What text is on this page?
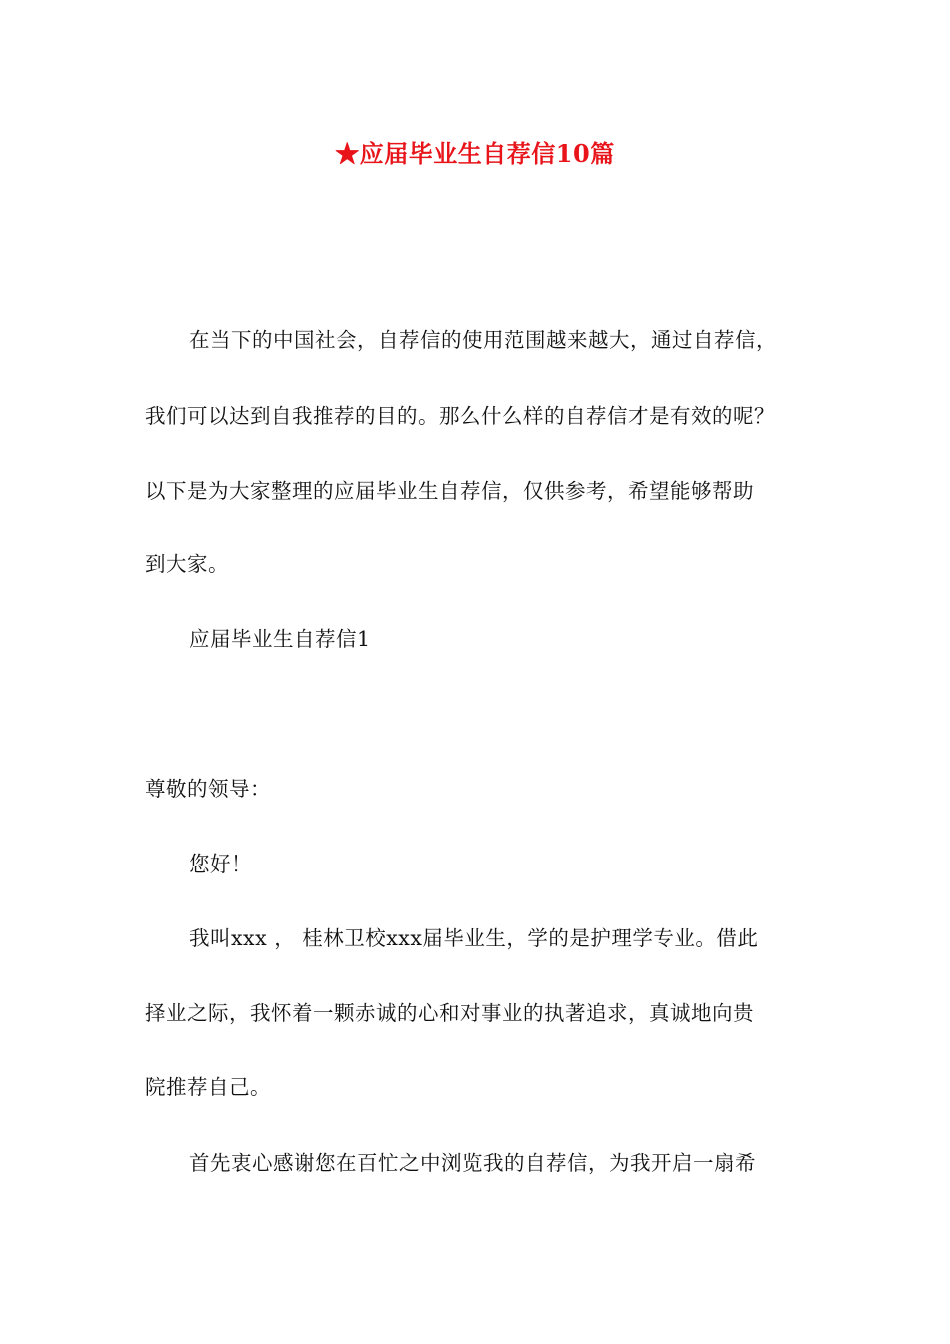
★应届毕业生自荐信10篇
在当下的中国社会，自荐信的使用范围越来越大，通过自荐信，
我们可以达到自我推荐的目的。那么什么样的自荐信才是有效的呢？
以下是为大家整理的应届毕业生自荐信，仅供参考，希望能够帮助
到大家。
应届毕业生自荐信1
尊敬的领导：
您好！
我叫xxx ， 桂林卫校xxx届毕业生，学的是护理学专业。借此
择业之际，我怀着一颗赤诚的心和对事业的执著追求，真诚地向贵
院推荐自己。
首先衷心感谢您在百忙之中浏览我的自荐信，为我开启一扇希
